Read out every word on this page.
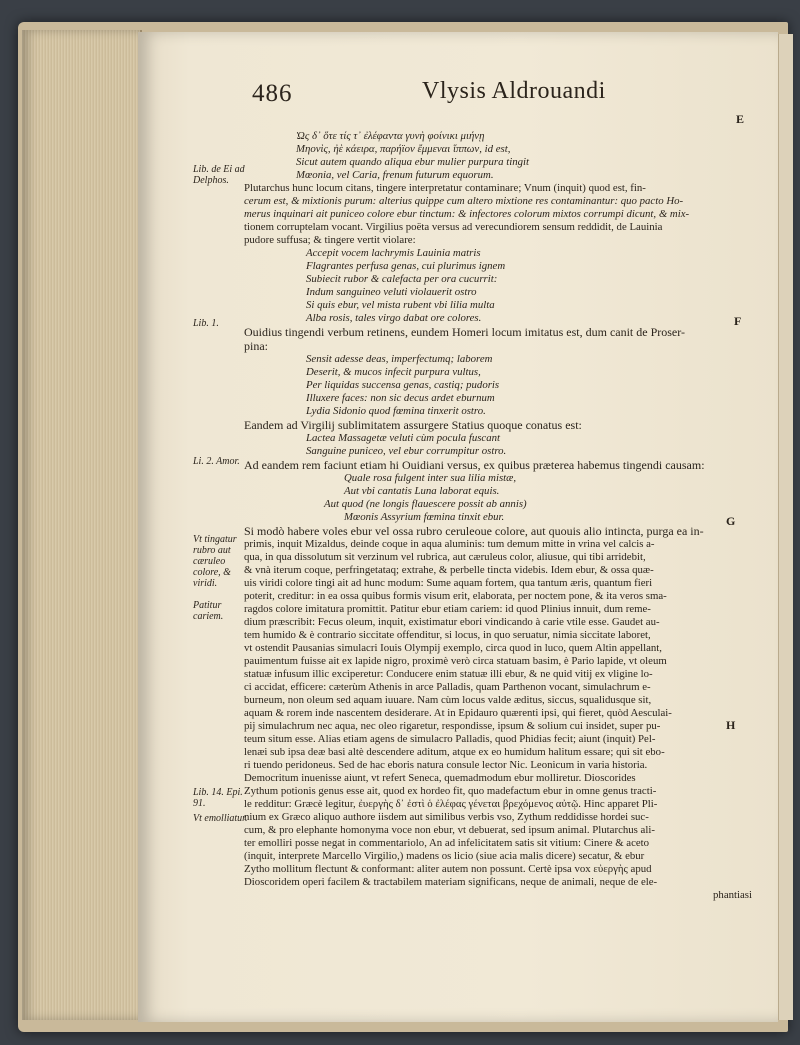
486	Vlysis Aldrouandi
E
F
G
H
Lib. de Ei ad Delphos.
Lib. 1.
Li. 2. Amor.
Vt tingatur rubro aut cæruleo colore, & viridi.
Patitur cariem.
Lib. 14. Epi. 91.
Vt emolliatur.
Ὡς δ᾽ ὅτε τίς τ᾽ ἐλέφαντα γυνὴ φοίνικι μιήνῃ
Μηονὶς, ἠὲ κάειρα, παρήϊον ἔμμεναι ἵππων, id est,
Sicut autem quando aliqua ebur mulier purpura tingit
Mœonia, vel Caria, frenum futurum equorum.
Plutarchus hunc locum citans, tingere interpretatur contaminare; Vnum (inquit) quod est, fin-
cerum est, & mixtionis purum: alterius quippe cum altero mixtione res contaminantur: quo pacto Ho-
merus inquinari ait puniceo colore ebur tinctum: & infectores colorum mixtos corrumpi dicunt, & mix-
tionem corruptelam vocant. Virgilius poëta versus ad verecundiorem sensum reddidit, de Lauinia
pudore suffusa; & tingere vertit violare:
Accepit vocem lachrymis Lauinia matris
Flagrantes perfusa genas, cui plurimus ignem
Subiecit rubor & calefacta per ora cucurrit:
Indum sanguineo veluti violauerit ostro
Si quis ebur, vel mista rubent vbi lilia multa
Alba rosis, tales virgo dabat ore colores.
Ouidius tingendi verbum retinens, eundem Homeri locum imitatus est, dum canit de Proser-
pina:
Sensit adesse deas, imperfectumq; laborem
Deserit, & mucos infecit purpura vultus,
Per liquidas succensa genas, castiq; pudoris
Illuxere faces: non sic decus ardet eburnum
Lydia Sidonio quod fœmina tinxerit ostro.
Eandem ad Virgilij sublimitatem assurgere Statius quoque conatus est:
Lactea Massagetæ veluti cùm pocula fuscant
Sanguine puniceo, vel ebur corrumpitur ostro.
Ad eandem rem faciunt etiam hi Ouidiani versus, ex quibus præterea habemus tingendi causam:
Quale rosa fulgent inter sua lilia mistæ,
Aut vbi cantatis Luna laborat equis.
Aut quod (ne longis flauescere possit ab annis)
Mœonis Assyrium fœmina tinxit ebur.
Si modò habere voles ebur vel ossa rubro ceruleoue colore, aut quouis alio intincta, purga ea in-
primis, inquit Mizaldus, deinde coque in aqua aluminis: tum demum mitte in vrina vel calcis a-
qua, in qua dissolutum sit verzinum vel rubrica, aut cæruleus color, aliusue, qui tibi arridebit,
& vnà iterum coque, perfringetataq; extrahe, & perbelle tincta videbis. Idem ebur, & ossa quæ-
uis viridi colore tingi ait ad hunc modum: Sume aquam fortem, qua tantum æris, quantum fieri
poterit, creditur: in ea ossa quibus formis visum erit, elaborata, per noctem pone, & ita veros sma-
ragdos colore imitatura promittit. Patitur ebur etiam cariem: id quod Plinius innuit, dum reme-
dium præscribit: Fecus oleum, inquit, existimatur ebori vindicando à carie vtile esse. Gaudet au-
tem humido & è contrario siccitate offenditur, si locus, in quo seruatur, nimia siccitate laboret,
vt ostendit Pausanias simulacri Iouis Olympij exemplo, circa quod in luco, quem Altin appellant,
pauimentum fuisse ait ex lapide nigro, proximè verò circa statuam basim, è Pario lapide, vt oleum
statuæ infusum illic exciperetur: Conducere enim statuæ illi ebur, & ne quid vitij ex vligine lo-
ci accidat, efficere: cæterùm Athenis in arce Palladis, quam Parthenon vocant, simulachrum e-
burneum, non oleum sed aquam iuuare. Nam cùm locus valde æditus, siccus, squalidusque sit,
aquam & rorem inde nascentem desiderare. At in Epidauro quærenti ipsi, qui fieret, quòd Aesculai-
pij simulachrum nec aqua, nec oleo rigaretur, respondisse, ipsum & solium cui insidet, super pu-
teum situm esse. Alias etiam agens de simulacro Palladis, quod Phidias fecit; aiunt (inquit) Pel-
lenæi sub ipsa deæ basi altè descendere aditum, atque ex eo humidum halitum essare; qui sit ebo-
ri tuendo peridoneus. Sed de hac eboris natura consule lector Nic. Leonicum in varia historia.
Democritum inuenisse aiunt, vt refert Seneca, quemadmodum ebur molliretur. Dioscorides
Zythum potionis genus esse ait, quod ex hordeo fit, quo madefactum ebur in omne genus tracti-
le redditur: Græcè legitur, ἐυεργὴς δ᾽ ἐστὶ ὁ ἐλέφας γένεται βρεχόμενος αὐτῷ. Hinc apparet Pli-
nium ex Græco aliquo authore iisdem aut similibus verbis vso, Zythum reddidisse hordei suc-
cum, & pro elephante homonyma voce non ebur, vt debuerat, sed ipsum animal. Plutarchus ali-
ter emolliri posse negat in commentariolo, An ad infelicitatem satis sit vitium: Cinere & aceto
(inquit, interprete Marcello Virgilio,) madens os licio (siue acia malis dicere) secatur, & ebur
Zytho mollitum flectunt & conformant: aliter autem non possunt. Certè ipsa vox εὐεργὴς apud
Dioscoridem operi facilem & tractabilem materiam significans, neque de animali, neque de ele-
phantiasi
